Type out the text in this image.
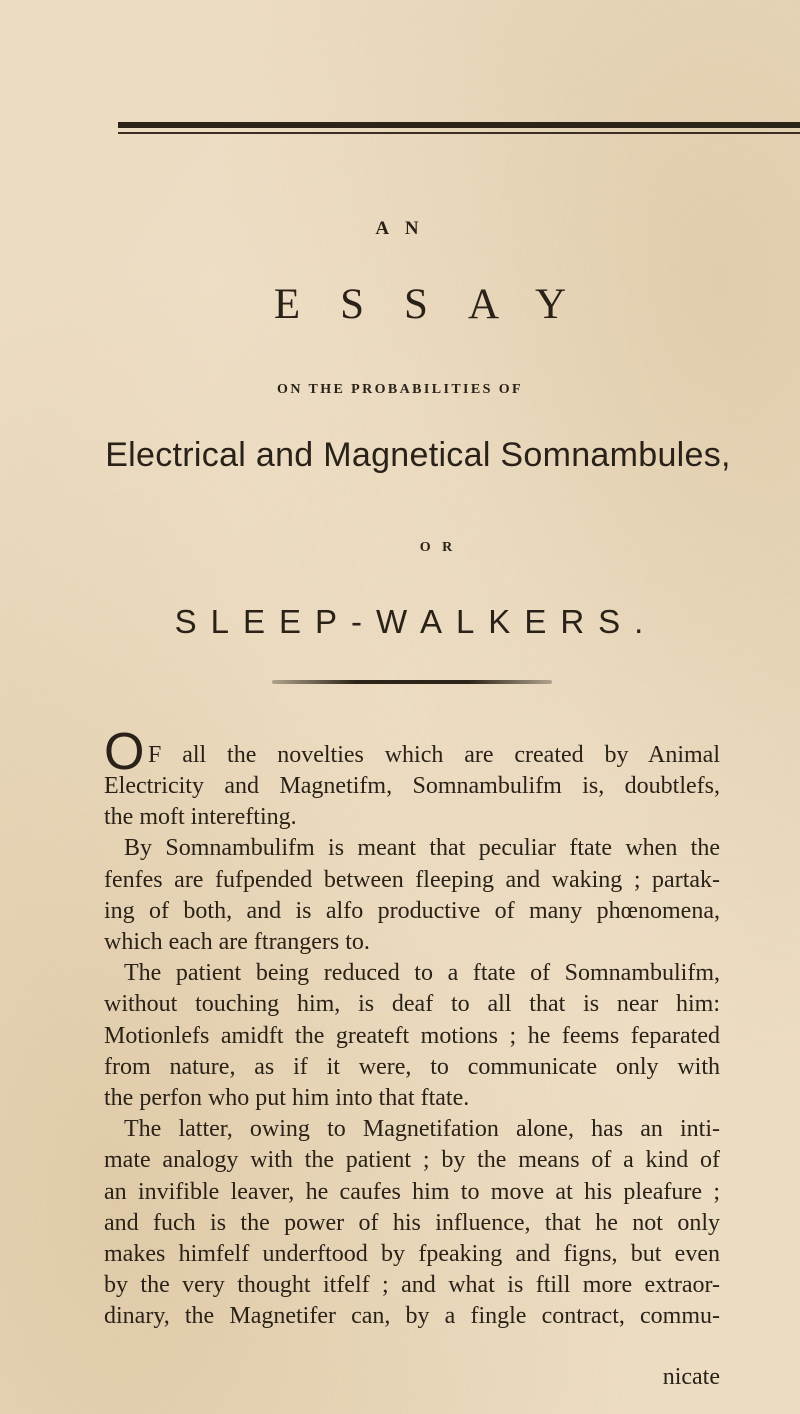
A N
ESSAY
ON THE PROBABILITIES OF
Electrical and Magnetical Somnambules,
O R
SLEEP-WALKERS.
O F all the novelties which are created by Animal
Electricity and Magnetifm, Somnambulifm is, doubtlefs,
the moft interefting.
By Somnambulifm is meant that peculiar ftate when the
fenfes are fufpended between fleeping and waking ; partak-
ing of both, and is alfo productive of many phœnomena,
which each are ftrangers to.
The patient being reduced to a ftate of Somnambulifm,
without touching him, is deaf to all that is near him:
Motionlefs amidft the greateft motions ; he feems feparated
from nature, as if it were, to communicate only with
the perfon who put him into that ftate.
The latter, owing to Magnetifation alone, has an inti-
mate analogy with the patient ; by the means of a kind of
an invifible leaver, he caufes him to move at his pleafure ;
and fuch is the power of his influence, that he not only
makes himfelf underftood by fpeaking and figns, but even
by the very thought itfelf ; and what is ftill more extraor-
dinary, the Magnetifer can, by a fingle contract, commu-
nicate
